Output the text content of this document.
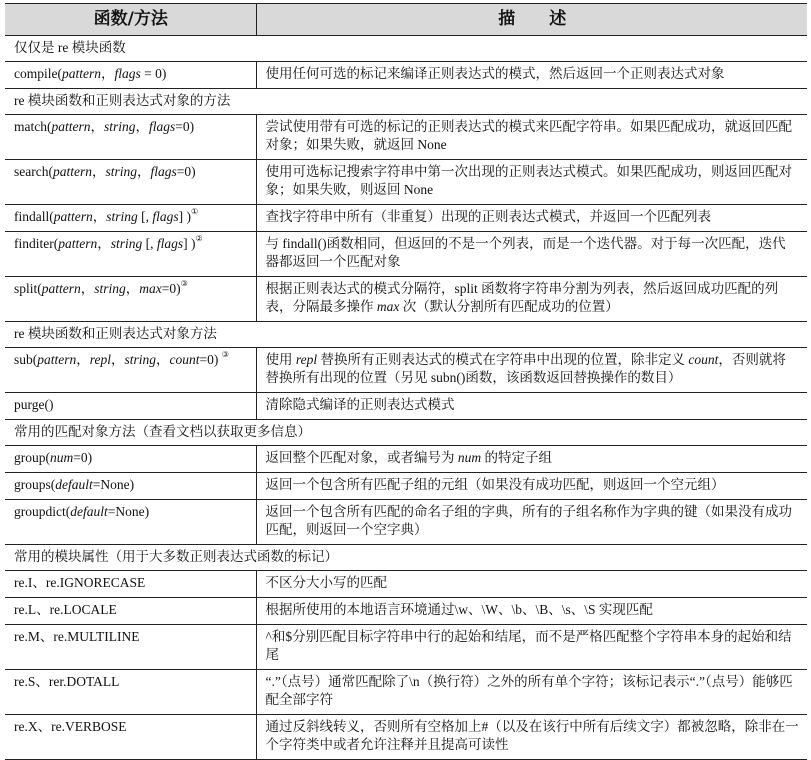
函数/方法	描　　述
仅仅是 re 模块函数	
compile(pattern，flags = 0)	使用任何可选的标记来编译正则表达式的模式，然后返回一个正则表达式对象
re 模块函数和正则表达式对象的方法	
match(pattern，string，flags=0)	尝试使用带有可选的标记的正则表达式的模式来匹配字符串。如果匹配成功，就返回匹配对象；如果失败，就返回 None
search(pattern，string，flags=0)	使用可选标记搜索字符串中第一次出现的正则表达式模式。如果匹配成功，则返回匹配对象；如果失败，则返回 None
findall(pattern，string [, flags] )①	查找字符串中所有（非重复）出现的正则表达式模式，并返回一个匹配列表
finditer(pattern，string [, flags] )②	与 findall()函数相同，但返回的不是一个列表，而是一个迭代器。对于每一次匹配，迭代器都返回一个匹配对象
split(pattern，string，max=0)③	根据正则表达式的模式分隔符，split 函数将字符串分割为列表，然后返回成功匹配的列表，分隔最多操作 max 次（默认分割所有匹配成功的位置）
re 模块函数和正则表达式对象方法	
sub(pattern，repl，string，count=0) ③	使用 repl 替换所有正则表达式的模式在字符串中出现的位置，除非定义 count，否则就将替换所有出现的位置（另见 subn()函数，该函数返回替换操作的数目）
purge()	清除隐式编译的正则表达式模式
常用的匹配对象方法（查看文档以获取更多信息）	
group(num=0)	返回整个匹配对象，或者编号为 num 的特定子组
groups(default=None)	返回一个包含所有匹配子组的元组（如果没有成功匹配，则返回一个空元组）
groupdict(default=None)	返回一个包含所有匹配的命名子组的字典，所有的子组名称作为字典的键（如果没有成功匹配，则返回一个空字典）
常用的模块属性（用于大多数正则表达式函数的标记）	
re.I、re.IGNORECASE	不区分大小写的匹配
re.L、re.LOCALE	根据所使用的本地语言环境通过\w、\W、\b、\B、\s、\S 实现匹配
re.M、re.MULTILINE	^和$分别匹配目标字符串中行的起始和结尾，而不是严格匹配整个字符串本身的起始和结尾
re.S、rer.DOTALL	“.”（点号）通常匹配除了\n（换行符）之外的所有单个字符；该标记表示“.”（点号）能够匹配全部字符
re.X、re.VERBOSE	通过反斜线转义，否则所有空格加上#（以及在该行中所有后续文字）都被忽略，除非在一个字符类中或者允许注释并且提高可读性
